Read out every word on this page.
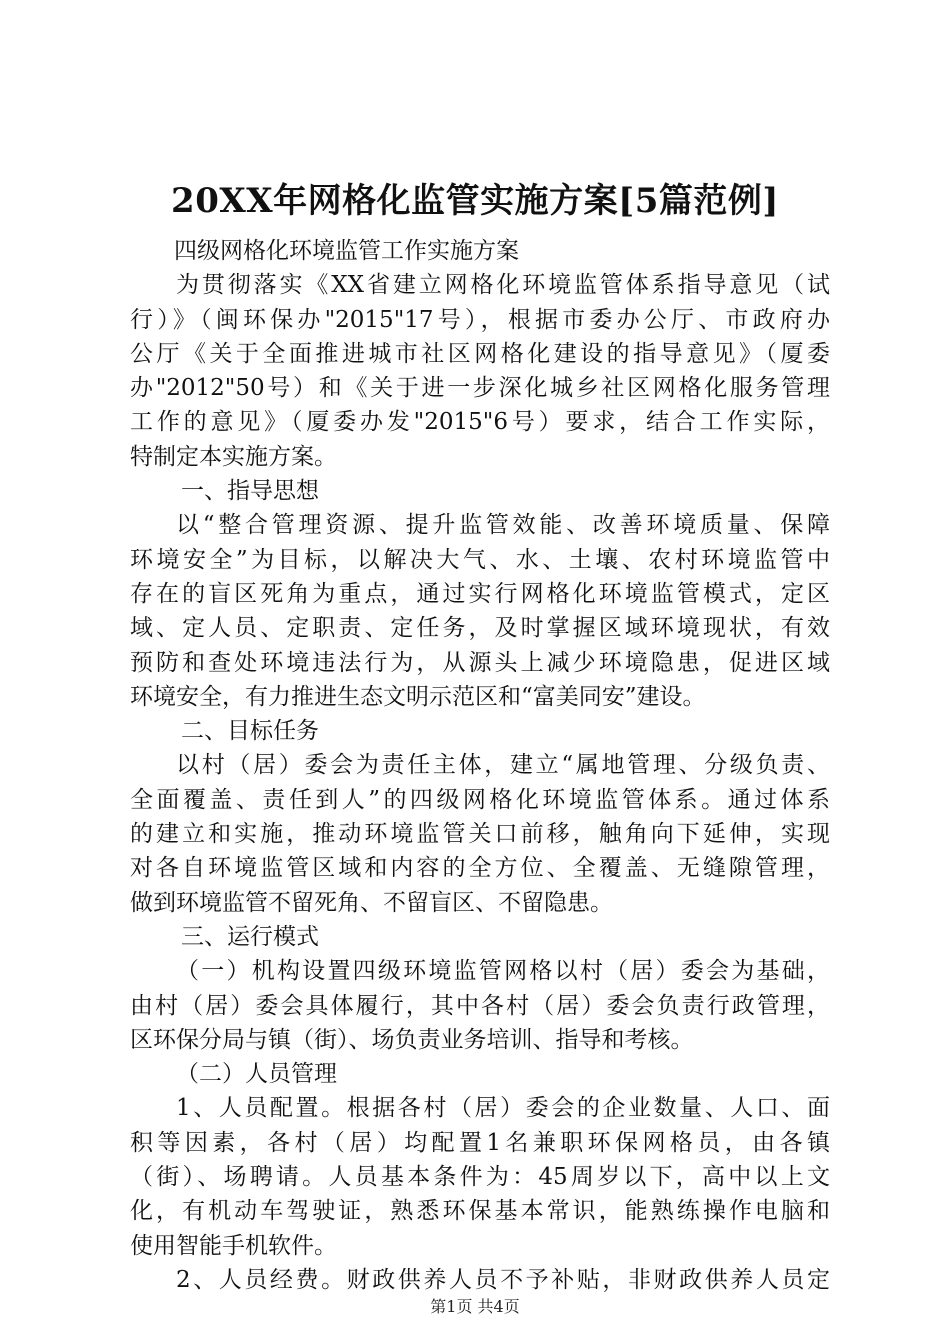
20XX年网格化监管实施方案[5篇范例]
四级网格化环境监管工作实施方案
为贯彻落实《XX省建立网格化环境监管体系指导意见（试
行）》（闽环保办"2015"17号），根据市委办公厅、市政府办
公厅《关于全面推进城市社区网格化建设的指导意见》（厦委
办"2012"50号）和《关于进一步深化城乡社区网格化服务管理
工作的意见》（厦委办发"2015"6号）要求，结合工作实际，
特制定本实施方案。
一、指导思想
以“整合管理资源、提升监管效能、改善环境质量、保障
环境安全”为目标，以解决大气、水、土壤、农村环境监管中
存在的盲区死角为重点，通过实行网格化环境监管模式，定区
域、定人员、定职责、定任务，及时掌握区域环境现状，有效
预防和查处环境违法行为，从源头上减少环境隐患，促进区域
环境安全，有力推进生态文明示范区和“富美同安”建设。
二、目标任务
以村（居）委会为责任主体，建立“属地管理、分级负责、
全面覆盖、责任到人”的四级网格化环境监管体系。通过体系
的建立和实施，推动环境监管关口前移，触角向下延伸，实现
对各自环境监管区域和内容的全方位、全覆盖、无缝隙管理，
做到环境监管不留死角、不留盲区、不留隐患。
三、运行模式
（一）机构设置四级环境监管网格以村（居）委会为基础，
由村（居）委会具体履行，其中各村（居）委会负责行政管理，
区环保分局与镇（街）、场负责业务培训、指导和考核。
（二）人员管理
1、人员配置。根据各村（居）委会的企业数量、人口、面
积等因素，各村（居）均配置1名兼职环保网格员，由各镇
（街）、场聘请。人员基本条件为：45周岁以下，高中以上文
化，有机动车驾驶证，熟悉环保基本常识，能熟练操作电脑和
使用智能手机软件。
2、人员经费。财政供养人员不予补贴，非财政供养人员定
第1页 共4页
